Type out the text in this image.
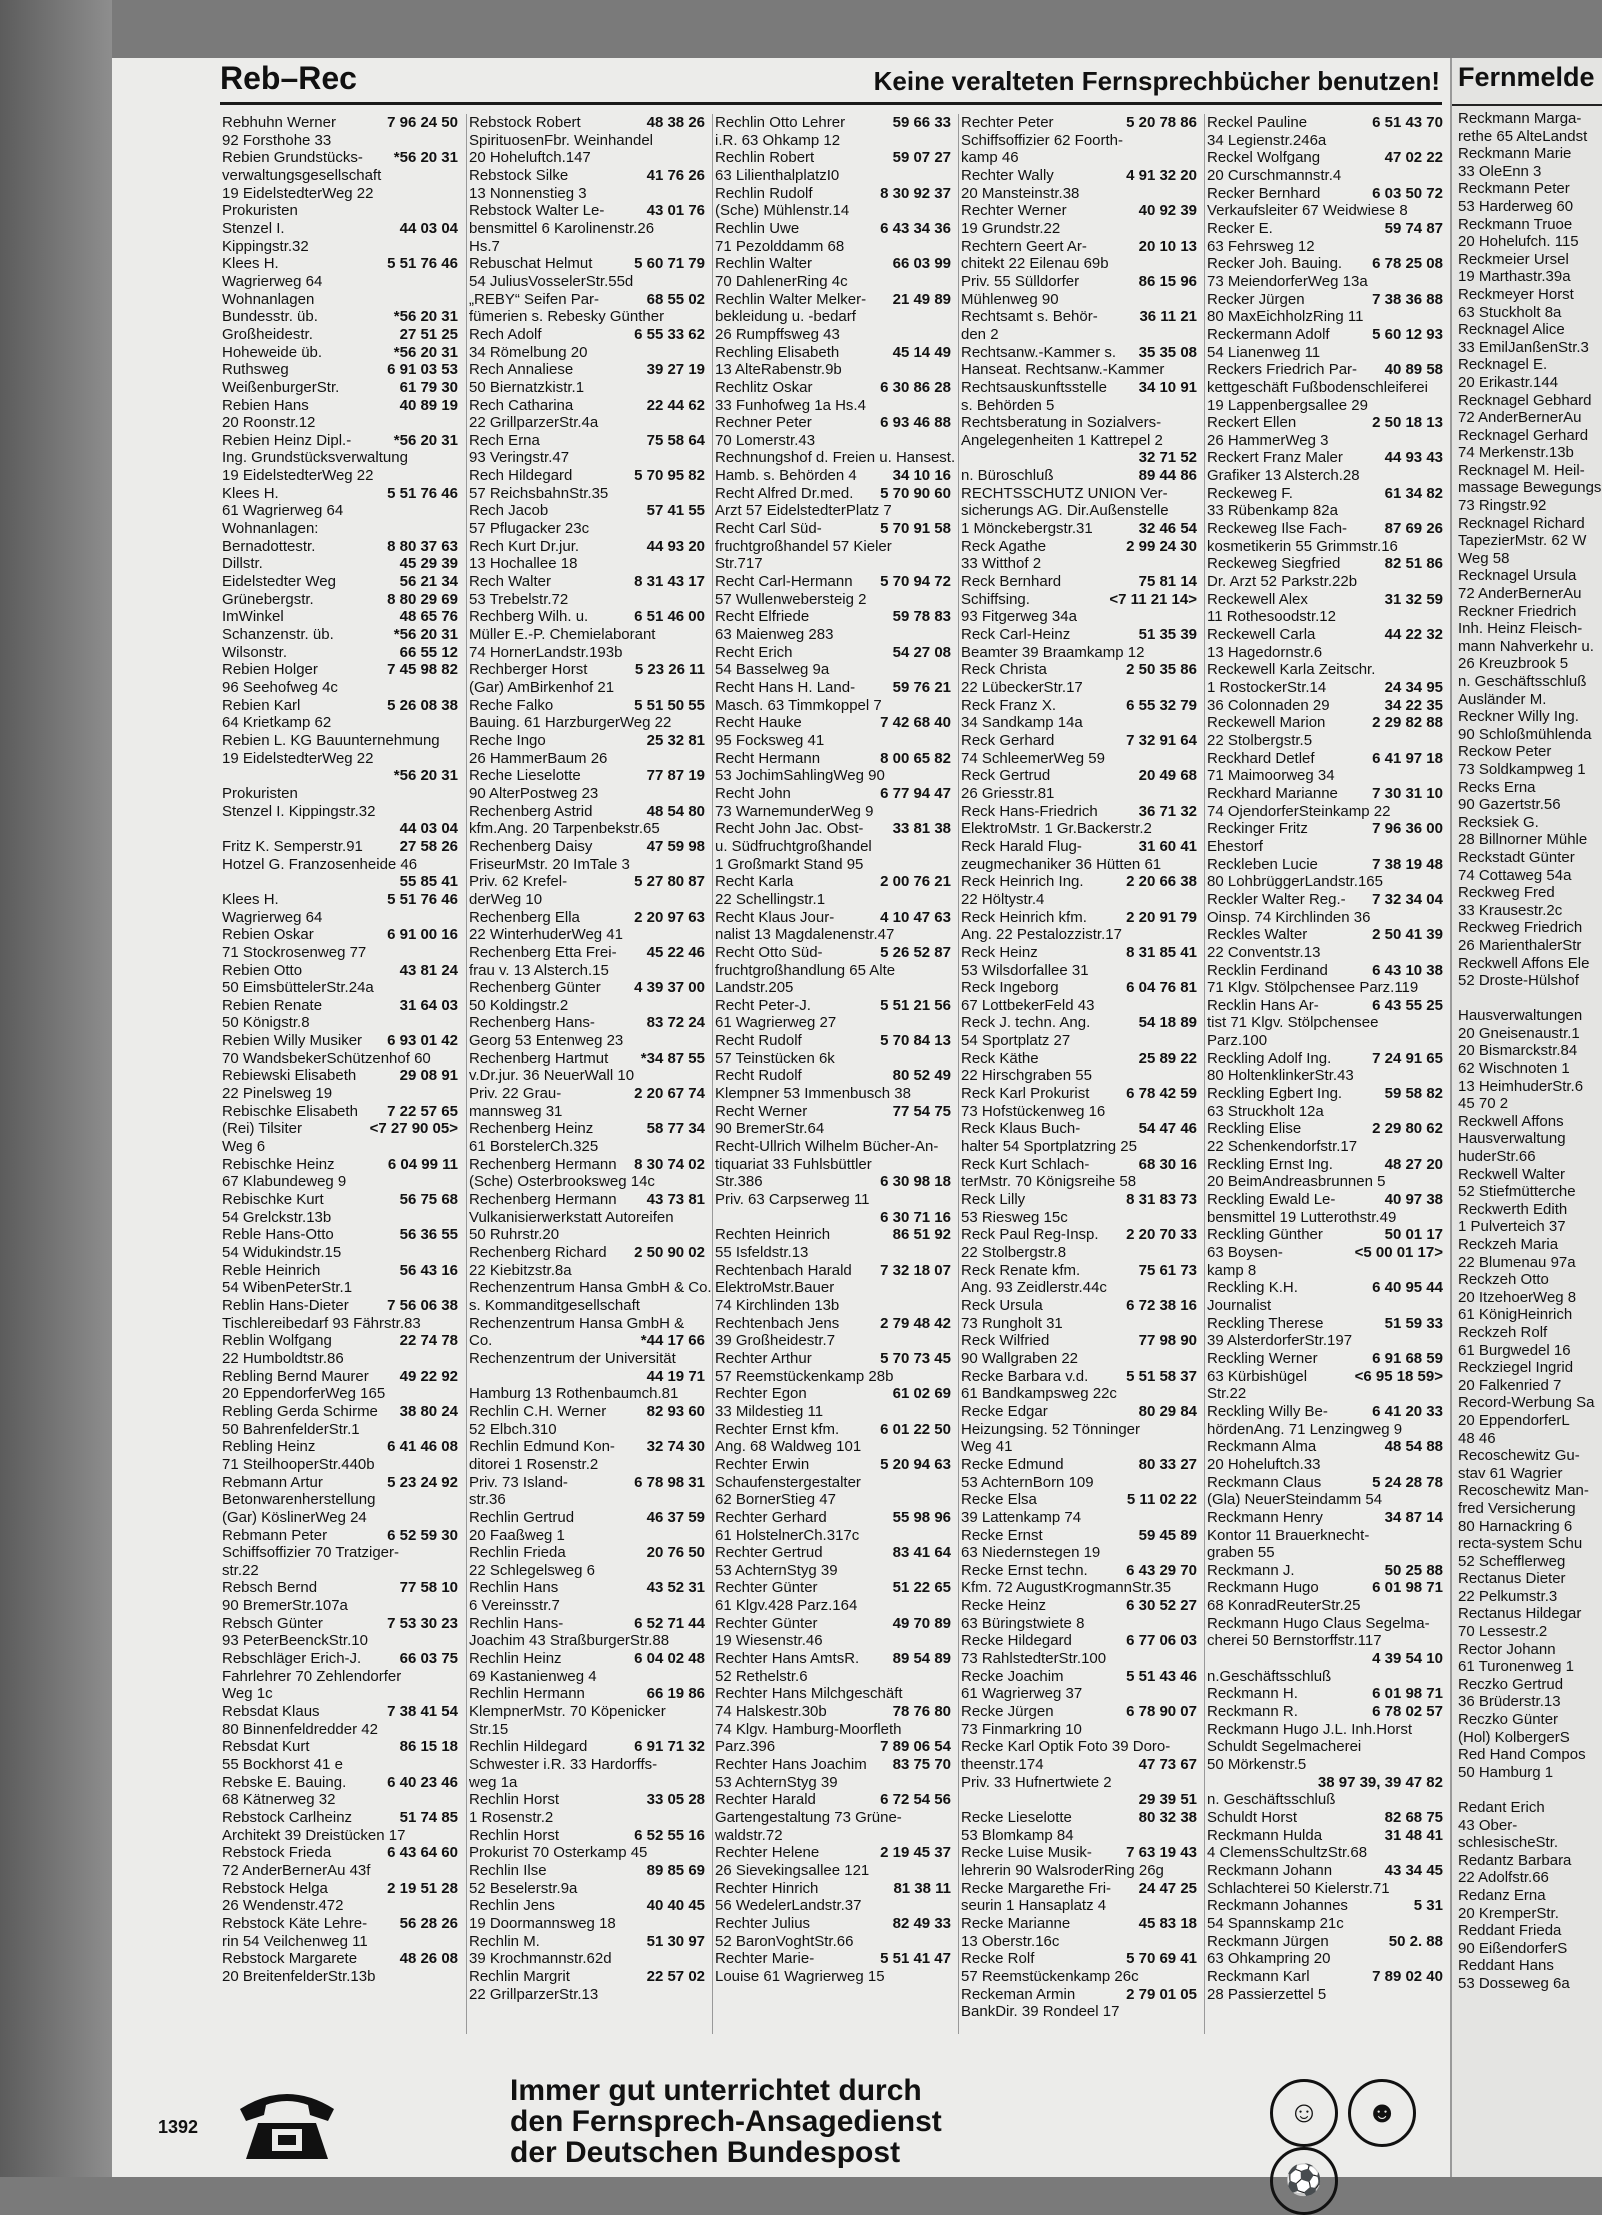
Reb–Rec	Keine veralteten Fernsprechbücher benutzen!
Rebhuhn Werner	7 96 24 50
92 Forsthohe 33
Rebien Grundstücks- *56 20 31
verwaltungsgesellschaft
19 EidelstedterWeg 22
Prokuristen
Stenzel I.	44 03 04
Kippingstr.32
Klees H.	5 51 76 46
Wagrierweg 64
Wohnanlagen
Bundesstr. üb.	*56 20 31
Großheidestr.	27 51 25
Hoheweide üb.	*56 20 31
Ruthsweg	6 91 03 53
WeißenburgerStr.	61 79 30
Rebien Hans	40 89 19
20 Roonstr.12
Rebien Heinz Dipl.-	*56 20 31
Ing. Grundstücksverwaltung
19 EidelstedterWeg 22
Klees H.	5 51 76 46
61 Wagrierweg 64
Wohnanlagen:
Bernadottestr.	8 80 37 63
Dillstr.	45 29 39
Eidelstedter Weg	56 21 34
Grünebergstr.	8 80 29 69
ImWinkel	48 65 76
Schanzenstr. üb.	*56 20 31
Wilsonstr.	66 55 12
Rebien Holger	7 45 98 82
96 Seehofweg 4c
Rebien Karl	5 26 08 38
64 Krietkamp 62
Rebien L. KG Bauunternehmung
19 EidelstedterWeg 22
*56 20 31
Prokuristen
Stenzel I. Kippingstr.32
44 03 04
Fritz K. Semperstr.91 27 58 26
Hotzel G. Franzosenheide 46
55 85 41
Klees H.	5 51 76 46
Wagrierweg 64
Rebien Oskar	6 91 00 16
71 Stockrosenweg 77
Rebien Otto	43 81 24
50 EimsbüttelerStr.24a
Rebien Renate	31 64 03
50 Königstr.8
Rebien Willy Musiker 6 93 01 42
70 WandsbekerSchützenhof 60
Rebiewski Elisabeth	29 08 91
22 Pinelsweg 19
Rebischke Elisabeth 7 22 57 65
(Rei) Tilsiter	<7 27 90 05>
Weg 6
Rebischke Heinz	6 04 99 11
67 Klabundeweg 9
Rebischke Kurt	56 75 68
54 Grelckstr.13b
Reble Hans-Otto	56 36 55
54 Widukindstr.15
Reble Heinrich	56 43 16
54 WibenPeterStr.1
Reblin Hans-Dieter	7 56 06 38
Tischlereibedarf 93 Fährstr.83
Reblin Wolfgang	22 74 78
22 Humboldtstr.86
Rebling Bernd Maurer 49 22 92
20 EppendorferWeg 165
Rebling Gerda Schirme 38 80 24
50 BahrenfelderStr.1
Rebling Heinz	6 41 46 08
71 SteilhooperStr.440b
Rebmann Artur	5 23 24 92
Betonwarenherstellung
(Gar) KöslinerWeg 24
Rebmann Peter	6 52 59 30
Schiffsoffizier 70 Tratziger-
str.22
Rebsch Bernd	77 58 10
90 BremerStr.107a
Rebsch Günter	7 53 30 23
93 PeterBeenckStr.10
Rebschläger Erich-J.	66 03 75
Fahrlehrer 70 Zehlendorfer
Weg 1c
Rebsdat Klaus	7 38 41 54
80 Binnenfeldredder 42
Rebsdat Kurt	86 15 18
55 Bockhorst 41 e
Rebske E. Bauing.	6 40 23 46
68 Kätnerweg 32
Rebstock Carlheinz	51 74 85
Architekt 39 Dreistücken 17
Rebstock Frieda	6 43 64 60
72 AnderBernerAu 43f
Rebstock Helga	2 19 51 28
26 Wendenstr.472
Rebstock Käte Lehre- 56 28 26
rin 54 Veilchenweg 11
Rebstock Margarete	48 26 08
20 BreitenfelderStr.13b
Rebstock Robert	48 38 26
SpirituosenFbr. Weinhandel
20 Hoheluftch.147
Rebstock Silke	41 76 26
13 Nonnenstieg 3
Rebstock Walter Le-	43 01 76
bensmittel 6 Karolinenstr.26
Hs.7
Rebuschat Helmut	5 60 71 79
54 JuliusVosselerStr.55d
„REBY“ Seifen Par-	68 55 02
fümerien s. Rebesky Günther
Rech Adolf	6 55 33 62
34 Römelbung 20
Rech Annaliese	39 27 19
50 Biernatzkistr.1
Rech Catharina	22 44 62
22 GrillparzerStr.4a
Rech Erna	75 58 64
93 Veringstr.47
Rech Hildegard	5 70 95 82
57 ReichsbahnStr.35
Rech Jacob	57 41 55
57 Pflugacker 23c
Rech Kurt Dr.jur.	44 93 20
13 Hochallee 18
Rech Walter	8 31 43 17
53 Trebelstr.72
Rechberg Wilh. u.	6 51 46 00
Müller E.-P. Chemielaborant
74 HornerLandstr.193b
Rechberger Horst	5 23 26 11
(Gar) AmBirkenhof 21
Reche Falko	5 51 50 55
Bauing. 61 HarzburgerWeg 22
Reche Ingo	25 32 81
26 HammerBaum 26
Reche Lieselotte	77 87 19
90 AlterPostweg 23
Rechenberg Astrid	48 54 80
kfm.Ang. 20 Tarpenbekstr.65
Rechenberg Daisy	47 59 98
FriseurMstr. 20 ImTale 3
Priv. 62 Krefel-	5 27 80 87
derWeg 10
Rechenberg Ella	2 20 97 63
22 WinterhuderWeg 41
Rechenberg Etta Frei- 45 22 46
frau v. 13 Alsterch.15
Rechenberg Günter 4 39 37 00
50 Koldingstr.2
Rechenberg Hans-	83 72 24
Georg 53 Entenweg 23
Rechenberg Hartmut *34 87 55
v.Dr.jur. 36 NeuerWall 10
Priv. 22 Grau-	2 20 67 74
mannsweg 31
Rechenberg Heinz	58 77 34
61 BorstelerCh.325
Rechenberg Hermann 8 30 74 02
(Sche) Osterbrooksweg 14c
Rechenberg Hermann 43 73 81
Vulkanisierwerkstatt Autoreifen
50 Ruhrstr.20
Rechenberg Richard 2 50 90 02
22 Kiebitzstr.8a
Rechenzentrum Hansa GmbH & Co.
s. Kommanditgesellschaft
Rechenzentrum Hansa GmbH &
Co.	*44 17 66
Rechenzentrum der Universität
44 19 71
Hamburg 13 Rothenbaumch.81
Rechlin C.H. Werner	82 93 60
52 Elbch.310
Rechlin Edmund Kon- 32 74 30
ditorei 1 Rosenstr.2
Priv. 73 Island-	6 78 98 31
str.36
Rechlin Gertrud	46 37 59
20 Faaßweg 1
Rechlin Frieda	20 76 50
22 Schlegelsweg 6
Rechlin Hans	43 52 31
6 Vereinsstr.7
Rechlin Hans-	6 52 71 44
Joachim 43 StraßburgerStr.88
Rechlin Heinz	6 04 02 48
69 Kastanienweg 4
Rechlin Hermann	66 19 86
KlempnerMstr. 70 Köpenicker
Str.15
Rechlin Hildegard	6 91 71 32
Schwester i.R. 33 Hardorffs-
weg 1a
Rechlin Horst	33 05 28
1 Rosenstr.2
Rechlin Horst	6 52 55 16
Prokurist 70 Osterkamp 45
Rechlin Ilse	89 85 69
52 Beselerstr.9a
Rechlin Jens	40 40 45
19 Doormannsweg 18
Rechlin M.	51 30 97
39 Krochmannstr.62d
Rechlin Margrit	22 57 02
22 GrillparzerStr.13
Rechlin Otto Lehrer	59 66 33
i.R. 63 Ohkamp 12
Rechlin Robert	59 07 27
63 LilienthalplatzI0
Rechlin Rudolf	8 30 92 37
(Sche) Mühlenstr.14
Rechlin Uwe	6 43 34 36
71 Pezolddamm 68
Rechlin Walter	66 03 99
70 DahlenerRing 4c
Rechlin Walter Melker- 21 49 89
bekleidung u. -bedarf
26 Rumpffsweg 43
Rechling Elisabeth	45 14 49
13 AlteRabenstr.9b
Rechlitz Oskar	6 30 86 28
33 Funhofweg 1a Hs.4
Rechner Peter	6 93 46 88
70 Lomerstr.43
Rechnungshof d. Freien u. Hansest.
Hamb. s. Behörden 4 34 10 16
Recht Alfred Dr.med. 5 70 90 60
Arzt 57 EidelstedterPlatz 7
Recht Carl Süd-	5 70 91 58
fruchtgroßhandel 57 Kieler
Str.717
Recht Carl-Hermann 5 70 94 72
57 Wullenwebersteig 2
Recht Elfriede	59 78 83
63 Maienweg 283
Recht Erich	54 27 08
54 Basselweg 9a
Recht Hans H. Land-	59 76 21
Masch. 63 Timmkoppel 7
Recht Hauke	7 42 68 40
95 Focksweg 41
Recht Hermann	8 00 65 82
53 JochimSahlingWeg 90
Recht John	6 77 94 47
73 WarnemunderWeg 9
Recht John Jac. Obst- 33 81 38
u. Südfruchtgroßhandel
1 Großmarkt Stand 95
Recht Karla	2 00 76 21
22 Schellingstr.1
Recht Klaus Jour-	4 10 47 63
nalist 13 Magdalenenstr.47
Recht Otto Süd-	5 26 52 87
fruchtgroßhandlung 65 Alte
Landstr.205
Recht Peter-J.	5 51 21 56
61 Wagrierweg 27
Recht Rudolf	5 70 84 13
57 Teinstücken 6k
Recht Rudolf	80 52 49
Klempner 53 Immenbusch 38
Recht Werner	77 54 75
90 BremerStr.64
Recht-Ullrich Wilhelm Bücher-An-
tiquariat 33 Fuhlsbüttler
Str.386	6 30 98 18
Priv. 63 Carpserweg 11
6 30 71 16
Rechten Heinrich	86 51 92
55 Isfeldstr.13
Rechtenbach Harald 7 32 18 07
ElektroMstr.Bauer
74 Kirchlinden 13b
Rechtenbach Jens	2 79 48 42
39 Großheidestr.7
Rechter Arthur	5 70 73 45
57 Reemstückenkamp 28b
Rechter Egon	61 02 69
33 Mildestieg 11
Rechter Ernst kfm.	6 01 22 50
Ang. 68 Waldweg 101
Rechter Erwin	5 20 94 63
Schaufenstergestalter
62 BornerStieg 47
Rechter Gerhard	55 98 96
61 HolstelnerCh.317c
Rechter Gertrud	83 41 64
53 AchternStyg 39
Rechter Günter	51 22 65
61 Klgv.428 Parz.164
Rechter Günter	49 70 89
19 Wiesenstr.46
Rechter Hans AmtsR. 89 54 89
52 Rethelstr.6
Rechter Hans Milchgeschäft
74 Halskestr.30b	78 76 80
74 Klgv. Hamburg-Moorfleth
Parz.396	7 89 06 54
Rechter Hans Joachim 83 75 70
53 AchternStyg 39
Rechter Harald	6 72 54 56
Gartengestaltung 73 Grüne-
waldstr.72
Rechter Helene	2 19 45 37
26 Sievekingsallee 121
Rechter Hinrich	81 38 11
56 WedelerLandstr.37
Rechter Julius	82 49 33
52 BaronVoghtStr.66
Rechter Marie-	5 51 41 47
Louise 61 Wagrierweg 15
Rechter Peter	5 20 78 86
Schiffsoffizier 62 Foorth-
kamp 46
Rechter Wally	4 91 32 20
20 Mansteinstr.38
Rechter Werner	40 92 39
19 Grundstr.22
Rechtern Geert Ar-	20 10 13
chitekt 22 Eilenau 69b
Priv. 55 Sülldorfer	86 15 96
Mühlenweg 90
Rechtsamt s. Behör-	36 11 21
den 2
Rechtsanw.-Kammer s. 35 35 08
Hanseat. Rechtsanw.-Kammer
Rechtsauskunftsstelle 34 10 91
s. Behörden 5
Rechtsberatung in Sozialvers-
Angelegenheiten 1 Kattrepel 2
32 71 52
n. Büroschluß	89 44 86
RECHTSSCHUTZ UNION Ver-
sicherungs AG. Dir.Außenstelle
1 Mönckebergstr.31	32 46 54
Reck Agathe	2 99 24 30
33 Witthof 2
Reck Bernhard	75 81 14
Schiffsing.	<7 11 21 14>
93 Fitgerweg 34a
Reck Carl-Heinz	51 35 39
Beamter 39 Braamkamp 12
Reck Christa	2 50 35 86
22 LübeckerStr.17
Reck Franz X.	6 55 32 79
34 Sandkamp 14a
Reck Gerhard	7 32 91 64
74 SchleemerWeg 59
Reck Gertrud	20 49 68
26 Griesstr.81
Reck Hans-Friedrich	36 71 32
ElektroMstr. 1 Gr.Backerstr.2
Reck Harald Flug-	31 60 41
zeugmechaniker 36 Hütten 61
Reck Heinrich Ing.	2 20 66 38
22 Höltystr.4
Reck Heinrich kfm.	2 20 91 79
Ang. 22 Pestalozzistr.17
Reck Heinz	8 31 85 41
53 Wilsdorfallee 31
Reck Ingeborg	6 04 76 81
67 LottbekerFeld 43
Reck J. techn. Ang.	54 18 89
54 Sportplatz 27
Reck Käthe	25 89 22
22 Hirschgraben 55
Reck Karl Prokurist 6 78 42 59
73 Hofstückenweg 16
Reck Klaus Buch-	54 47 46
halter 54 Sportplatzring 25
Reck Kurt Schlach-	68 30 16
terMstr. 70 Königsreihe 58
Reck Lilly	8 31 83 73
53 Riesweg 15c
Reck Paul Reg-Insp. 2 20 70 33
22 Stolbergstr.8
Reck Renate kfm.	75 61 73
Ang. 93 Zeidlerstr.44c
Reck Ursula	6 72 38 16
73 Rungholt 31
Reck Wilfried	77 98 90
90 Wallgraben 22
Recke Barbara v.d.	5 51 58 37
61 Bandkampsweg 22c
Recke Edgar	80 29 84
Heizungsing. 52 Tönninger
Weg 41
Recke Edmund	80 33 27
53 AchternBorn 109
Recke Elsa	5 11 02 22
39 Lattenkamp 74
Recke Ernst	59 45 89
63 Niedernstegen 19
Recke Ernst techn.	6 43 29 70
Kfm. 72 AugustKrogmannStr.35
Recke Heinz	6 30 52 27
63 Büringstwiete 8
Recke Hildegard	6 77 06 03
73 RahlstedterStr.100
Recke Joachim	5 51 43 46
61 Wagrierweg 37
Recke Jürgen	6 78 90 07
73 Finmarkring 10
Recke Karl Optik Foto 39 Doro-
theenstr.174	47 73 67
Priv. 33 Hufnertwiete 2
29 39 51
Recke Lieselotte	80 32 38
53 Blomkamp 84
Recke Luise Musik- 7 63 19 43
lehrerin 90 WalsroderRing 26g
Recke Margarethe Fri- 24 47 25
seurin 1 Hansaplatz 4
Recke Marianne	45 83 18
13 Oberstr.16c
Recke Rolf	5 70 69 41
57 Reemstückenkamp 26c
Reckeman Armin	2 79 01 05
BankDir. 39 Rondeel 17
Reckel Pauline	6 51 43 70
34 Legienstr.246a
Reckel Wolfgang	47 02 22
20 Curschmannstr.4
Recker Bernhard	6 03 50 72
Verkaufsleiter 67 Weidwiese 8
Recker E.	59 74 87
63 Fehrsweg 12
Recker Joh. Bauing. 6 78 25 08
73 MeiendorferWeg 13a
Recker Jürgen	7 38 36 88
80 MaxEichholzRing 11
Reckermann Adolf	5 60 12 93
54 Lianenweg 11
Reckers Friedrich Par- 40 89 58
kettgeschäft Fußbodenschleiferei
19 Lappenbergsallee 29
Reckert Ellen	2 50 18 13
26 HammerWeg 3
Reckert Franz Maler	44 93 43
Grafiker 13 Alsterch.28
Reckeweg F.	61 34 82
33 Rübenkamp 82a
Reckeweg Ilse Fach-	87 69 26
kosmetikerin 55 Grimmstr.16
Reckeweg Siegfried	82 51 86
Dr. Arzt 52 Parkstr.22b
Reckewell Alex	31 32 59
11 Rothesoodstr.12
Reckewell Carla	44 22 32
13 Hagedornstr.6
Reckewell Karla Zeitschr.
1 RostockerStr.14	24 34 95
36 Colonnaden 29	34 22 35
Reckewell Marion	2 29 82 88
22 Stolbergstr.5
Reckhard Detlef	6 41 97 18
71 Maimoorweg 34
Reckhard Marianne 7 30 31 10
74 OjendorferSteinkamp 22
Reckinger Fritz	7 96 36 00
Ehestorf
Reckleben Lucie	7 38 19 48
80 LohbrüggerLandstr.165
Reckler Walter Reg.- 7 32 34 04
Oinsp. 74 Kirchlinden 36
Reckles Walter	2 50 41 39
22 Conventstr.13
Recklin Ferdinand	6 43 10 38
71 Klgv. Stölpchensee Parz.119
Recklin Hans Ar-	6 43 55 25
tist 71 Klgv. Stölpchensee
Parz.100
Reckling Adolf Ing.	7 24 91 65
80 HoltenklinkerStr.43
Reckling Egbert Ing.	59 58 82
63 Struckholt 12a
Reckling Elise	2 29 80 62
22 Schenkendorfstr.17
Reckling Ernst Ing.	48 27 20
20 BeimAndreasbrunnen 5
Reckling Ewald Le-	40 97 38
bensmittel 19 Lutterothstr.49
Reckling Günther	50 01 17
63 Boysen-	<5 00 01 17>
kamp 8
Reckling K.H.	6 40 95 44
Journalist
Reckling Therese	51 59 33
39 AlsterdorferStr.197
Reckling Werner	6 91 68 59
63 Kürbishügel	<6 95 18 59>
Str.22
Reckling Willy Be-	6 41 20 33
hördenAng. 71 Lenzingweg 9
Reckmann Alma	48 54 88
20 Hoheluftch.33
Reckmann Claus	5 24 28 78
(Gla) NeuerSteindamm 54
Reckmann Henry	34 87 14
Kontor 11 Brauerknecht-
graben 55
Reckmann J.	50 25 88
Reckmann Hugo	6 01 98 71
68 KonradReuterStr.25
Reckmann Hugo Claus Segelma-
cherei 50 Bernstorffstr.117
4 39 54 10
n.Geschäftsschluß
Reckmann H.	6 01 98 71
Reckmann R.	6 78 02 57
Reckmann Hugo J.L. Inh.Horst
Schuldt Segelmacherei
50 Mörkenstr.5
38 97 39, 39 47 82
n. Geschäftsschluß
Schuldt Horst	82 68 75
Reckmann Hulda	31 48 41
4 ClemensSchultzStr.68
Reckmann Johann	43 34 45
Schlachterei 50 Kielerstr.71
Reckmann Johannes	5 31
54 Spannskamp 21c
Reckmann Jürgen	50 2. 88
63 Ohkampring 20
Reckmann Karl	7 89 02 40
28 Passierzettel 5
Immer gut unterrichtet durch
den Fernsprech-Ansagedienst
der Deutschen Bundespost
☺ ☻⚽
1392
Fernmelde
Reckmann Marga-
rethe 65 AlteLandst
Reckmann Marie
33 OleEnn 3
Reckmann Peter
53 Harderweg 60
Reckmann Truoe
20 Hohelufch. 115
Reckmeier Ursel
19 Marthastr.39a
Reckmeyer Horst
63 Stuckholt 8a
Recknagel Alice
33 EmilJanßenStr.3
Recknagel E.
20 Erikastr.144
Recknagel Gebhard
72 AnderBernerAu
Recknagel Gerhard
74 Merkenstr.13b
Recknagel M. Heil-
massage Bewegungs
73 Ringstr.92
Recknagel Richard
TapezierMstr. 62 W
Weg 58
Recknagel Ursula
72 AnderBernerAu
Reckner Friedrich
Inh. Heinz Fleisch-
mann Nahverkehr u.
26 Kreuzbrook 5
n. Geschäftsschluß
Ausländer M.
Reckner Willy Ing.
90 Schloßmühlenda
Reckow Peter
73 Soldkampweg 1
Recks Erna
90 Gazertstr.56
Recksiek G.
28 Billnorner Mühle
Reckstadt Günter
74 Cottaweg 54a
Reckweg Fred
33 Krausestr.2c
Reckweg Friedrich
26 MarienthalerStr
Reckwell Affons Ele
52 Droste-Hülshof

Hausverwaltungen
20 Gneisenaustr.1
20 Bismarckstr.84
62 Wischnoten 1
13 HeimhuderStr.6
45 70 2
Reckwell Affons
Hausverwaltung
huderStr.66
Reckwell Walter
52 Stiefmütterche
Reckwerth Edith
1 Pulverteich 37
Reckzeh Maria
22 Blumenau 97a
Reckzeh Otto
20 ItzehoerWeg 8
61 KönigHeinrich
Reckzeh Rolf
61 Burgwedel 16
Reckziegel Ingrid
20 Falkenried 7
Record-Werbung Sa
20 EppendorferL
48 46
Recoschewitz Gu-
stav 61 Wagrier
Recoschewitz Man-
fred Versicherung
80 Harnackring 6
recta-system Schu
52 Schefflerweg
Rectanus Dieter
22 Pelkumstr.3
Rectanus Hildegar
70 Lessestr.2
Rector Johann
61 Turonenweg 1
Reczko Gertrud
36 Brüderstr.13
Reczko Günter
(Hol) KolbergerS
Red Hand Compos
50 Hamburg 1

Redant Erich
43 Ober-
schlesischeStr.
Redantz Barbara
22 Adolfstr.66
Redanz Erna
20 KremperStr.
Reddant Frieda
90 EißendorferS
Reddant Hans
53 Dosseweg 6a
